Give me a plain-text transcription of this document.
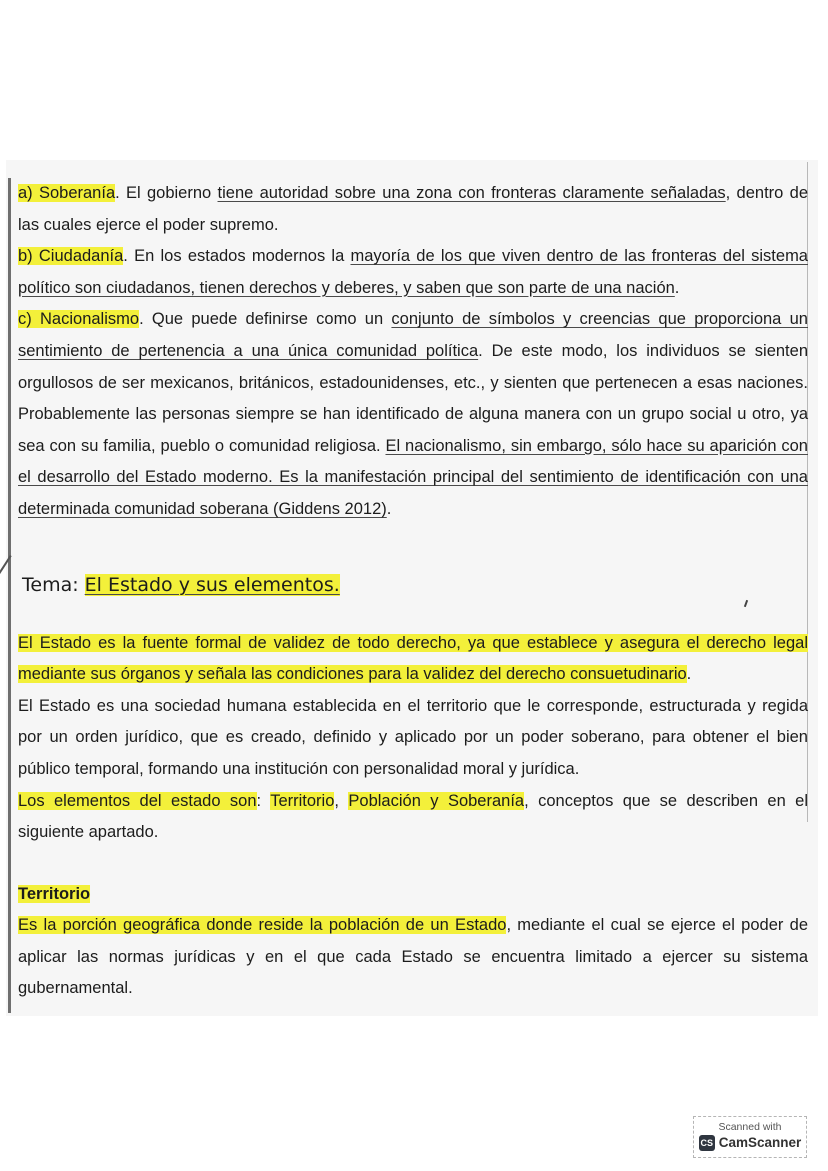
a) Soberanía. El gobierno tiene autoridad sobre una zona con fronteras claramente señaladas, dentro de las cuales ejerce el poder supremo.

b) Ciudadanía. En los estados modernos la mayoría de los que viven dentro de las fronteras del sistema político son ciudadanos, tienen derechos y deberes, y saben que son parte de una nación.

c) Nacionalismo. Que puede definirse como un conjunto de símbolos y creencias que proporciona un sentimiento de pertenencia a una única comunidad política. De este modo, los individuos se sienten orgullosos de ser mexicanos, británicos, estadounidenses, etc., y sienten que pertenecen a esas naciones. Probablemente las personas siempre se han identificado de alguna manera con un grupo social u otro, ya sea con su familia, pueblo o comunidad religiosa. El nacionalismo, sin embargo, sólo hace su aparición con el desarrollo del Estado moderno. Es la manifestación principal del sentimiento de identificación con una determinada comunidad soberana (Giddens 2012).

Tema: El Estado y sus elementos.

El Estado es la fuente formal de validez de todo derecho, ya que establece y asegura el derecho legal mediante sus órganos y señala las condiciones para la validez del derecho consuetudinario.

El Estado es una sociedad humana establecida en el territorio que le corresponde, estructurada y regida por un orden jurídico, que es creado, definido y aplicado por un poder soberano, para obtener el bien público temporal, formando una institución con personalidad moral y jurídica.

Los elementos del estado son: Territorio, Población y Soberanía, conceptos que se describen en el siguiente apartado.

Territorio

Es la porción geográfica donde reside la población de un Estado, mediante el cual se ejerce el poder de aplicar las normas jurídicas y en el que cada Estado se encuentra limitado a ejercer su sistema gubernamental.

Scanned with
CS CamScanner
